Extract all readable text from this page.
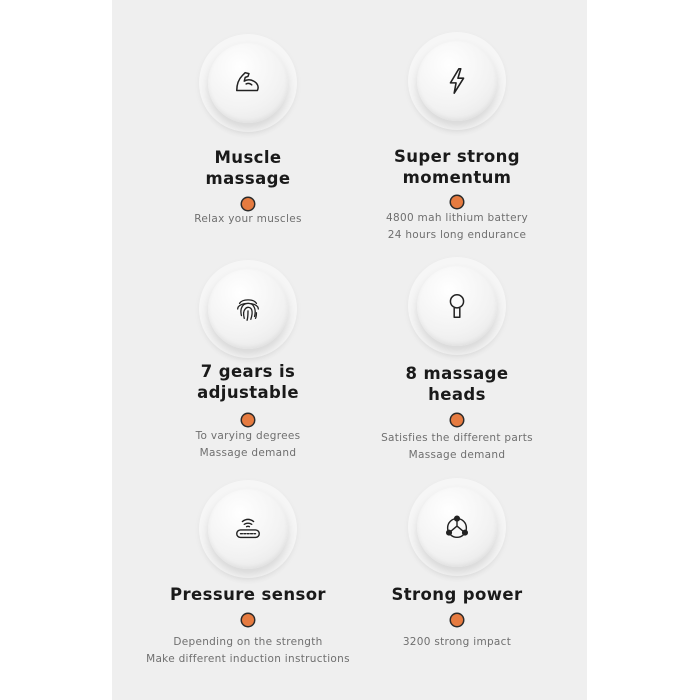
Muscle
massage
Relax your muscles
Super strong
momentum
4800 mah lithium battery
24 hours long endurance
7 gears is
adjustable
To varying degrees
Massage demand
8 massage
heads
Satisfies the different parts
Massage demand
Pressure sensor
Depending on the strength
Make different induction instructions
Strong power
3200 strong impact
